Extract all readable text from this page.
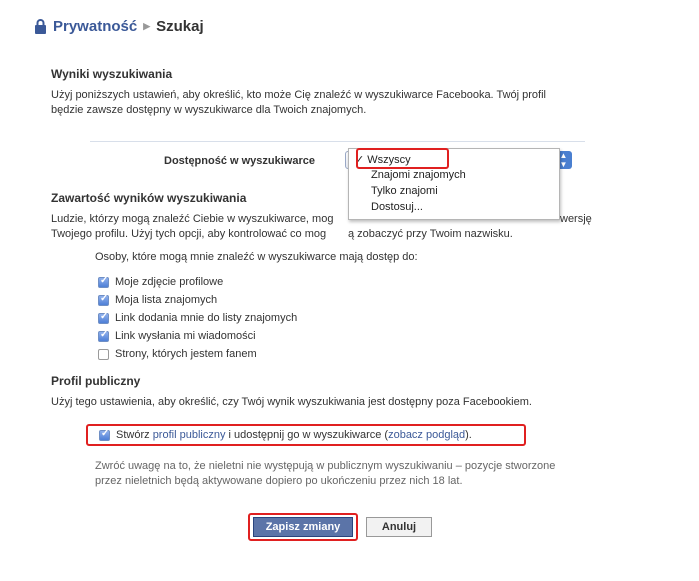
Prywatność ▶ Szukaj
Wyniki wyszukiwania

Użyj poniższych ustawień, aby określić, kto może Cię znaleźć w wyszukiwarce Facebooka. Twój profil

będzie zawsze dostępny w wyszukiwarce dla Twoich znajomych.

Dostępność w wyszukiwarce	▲
▼
Zawartość wyników wyszukiwania

Ludzie, którzy mogą znaleźć Ciebie w wyszukiwarce, mog	wersję

Twojego profilu. Użyj tych opcji, aby kontrolować co mog ą zobaczyć przy Twoim nazwisku.

✓ Wszyscy
Znajomi znajomych
Tylko znajomi
Dostosuj...

Osoby, które mogą mnie znaleźć w wyszukiwarce mają dostęp do:

✓ Moje zdjęcie profilowe
✓ Moja lista znajomych
✓ Link dodania mnie do listy znajomych
✓ Link wysłania mi wiadomości
Strony, których jestem fanem
Profil publiczny

Użyj tego ustawienia, aby określić, czy Twój wynik wyszukiwania jest dostępny poza Facebookiem.

✓ Stwórz profil publiczny i udostępnij go w wyszukiwarce ( zobacz podgląd ).

Zwróć uwagę na to, że nieletni nie występują w publicznym wyszukiwaniu – pozycje stworzone

przez nieletnich będą aktywowane dopiero po ukończeniu przez nich 18 lat.

Zapisz zmiany	Anuluj
